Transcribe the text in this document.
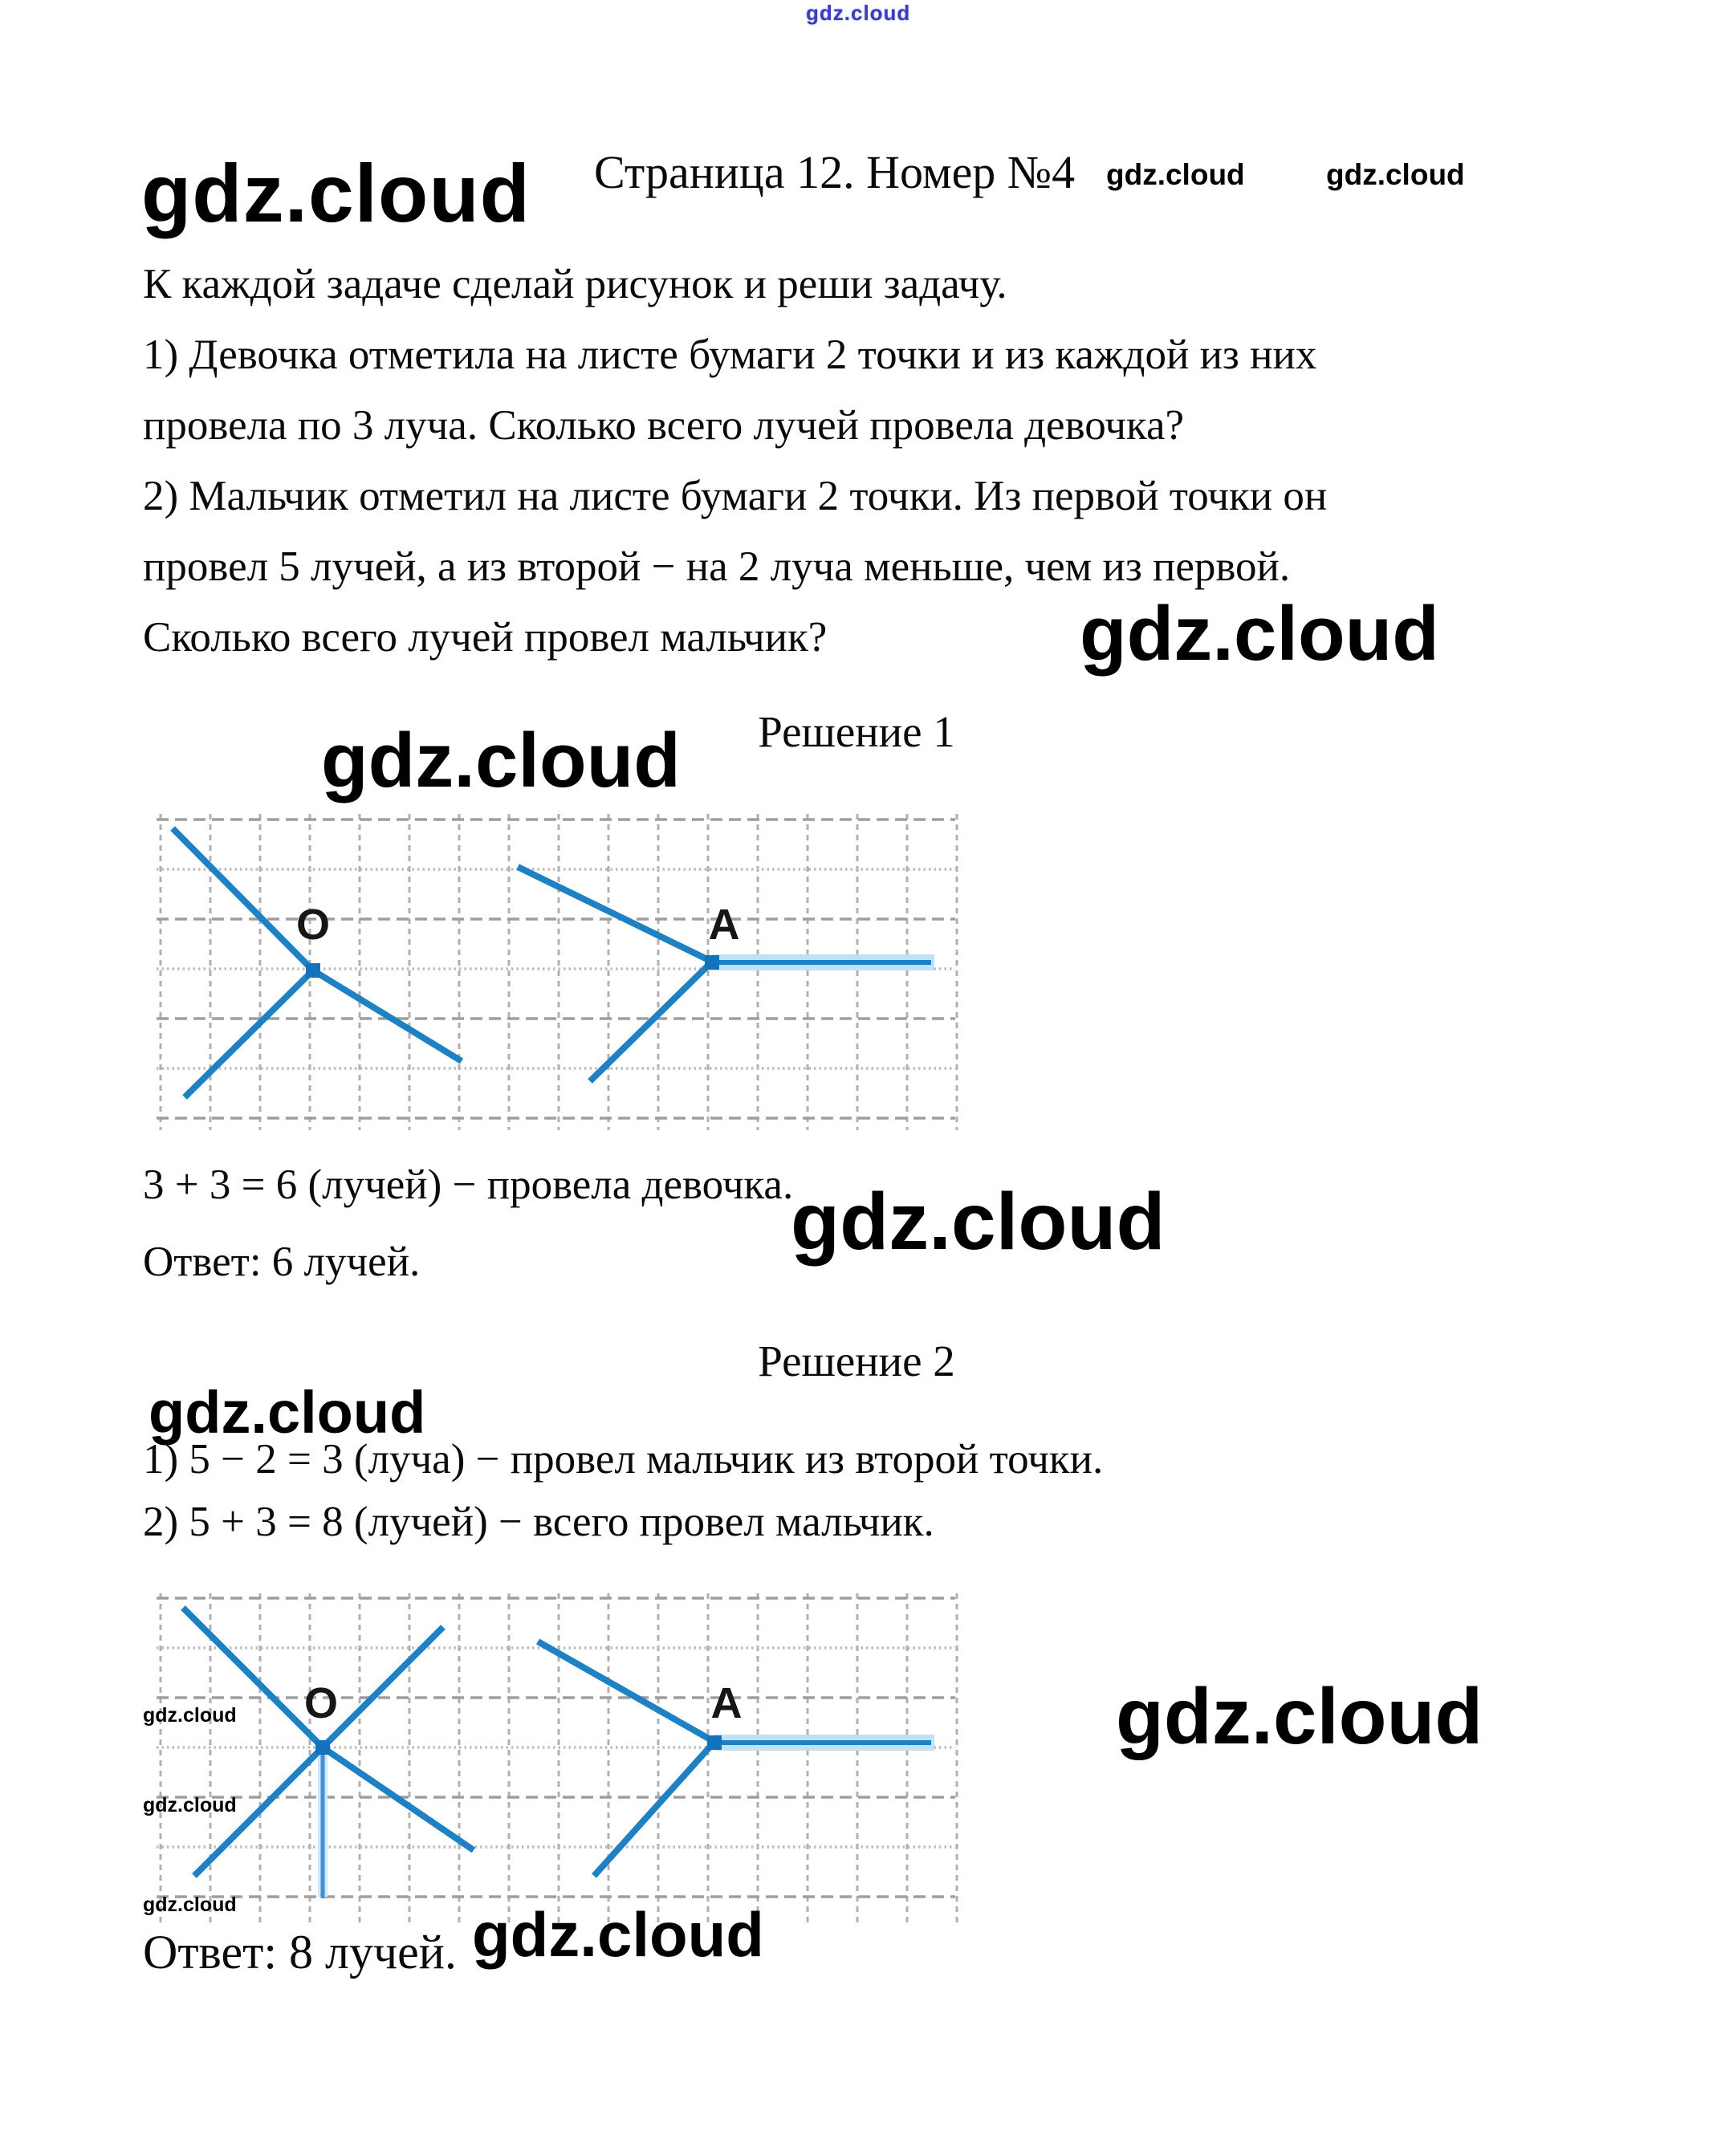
gdz.cloud
gdz.cloud Страница 12. Номер №4 gdz.cloud	gdz.cloud
К каждой задаче сделай рисунок и реши задачу.
1) Девочка отметила на листе бумаги 2 точки и из каждой из них
провела по 3 луча. Сколько всего лучей провела девочка?
2) Мальчик отметил на листе бумаги 2 точки. Из первой точки он
провел 5 лучей, а из второй − на 2 луча меньше, чем из первой.
Сколько всего лучей провел мальчик?	gdz.cloud
Решение 1
gdz.cloud
O	A
3 + 3 = 6 (лучей) − провела девочка.
gdz.cloud
Ответ: 6 лучей.
Решение 2
gdz.cloud
1) 5 − 2 = 3 (луча) − провел мальчик из второй точки.
2) 5 + 3 = 8 (лучей) − всего провел мальчик.
O	A
gdz.cloud
gdz.cloud
gdz.cloud	gdz.cloud
Ответ: 8 лучей.
gdz.cloud
